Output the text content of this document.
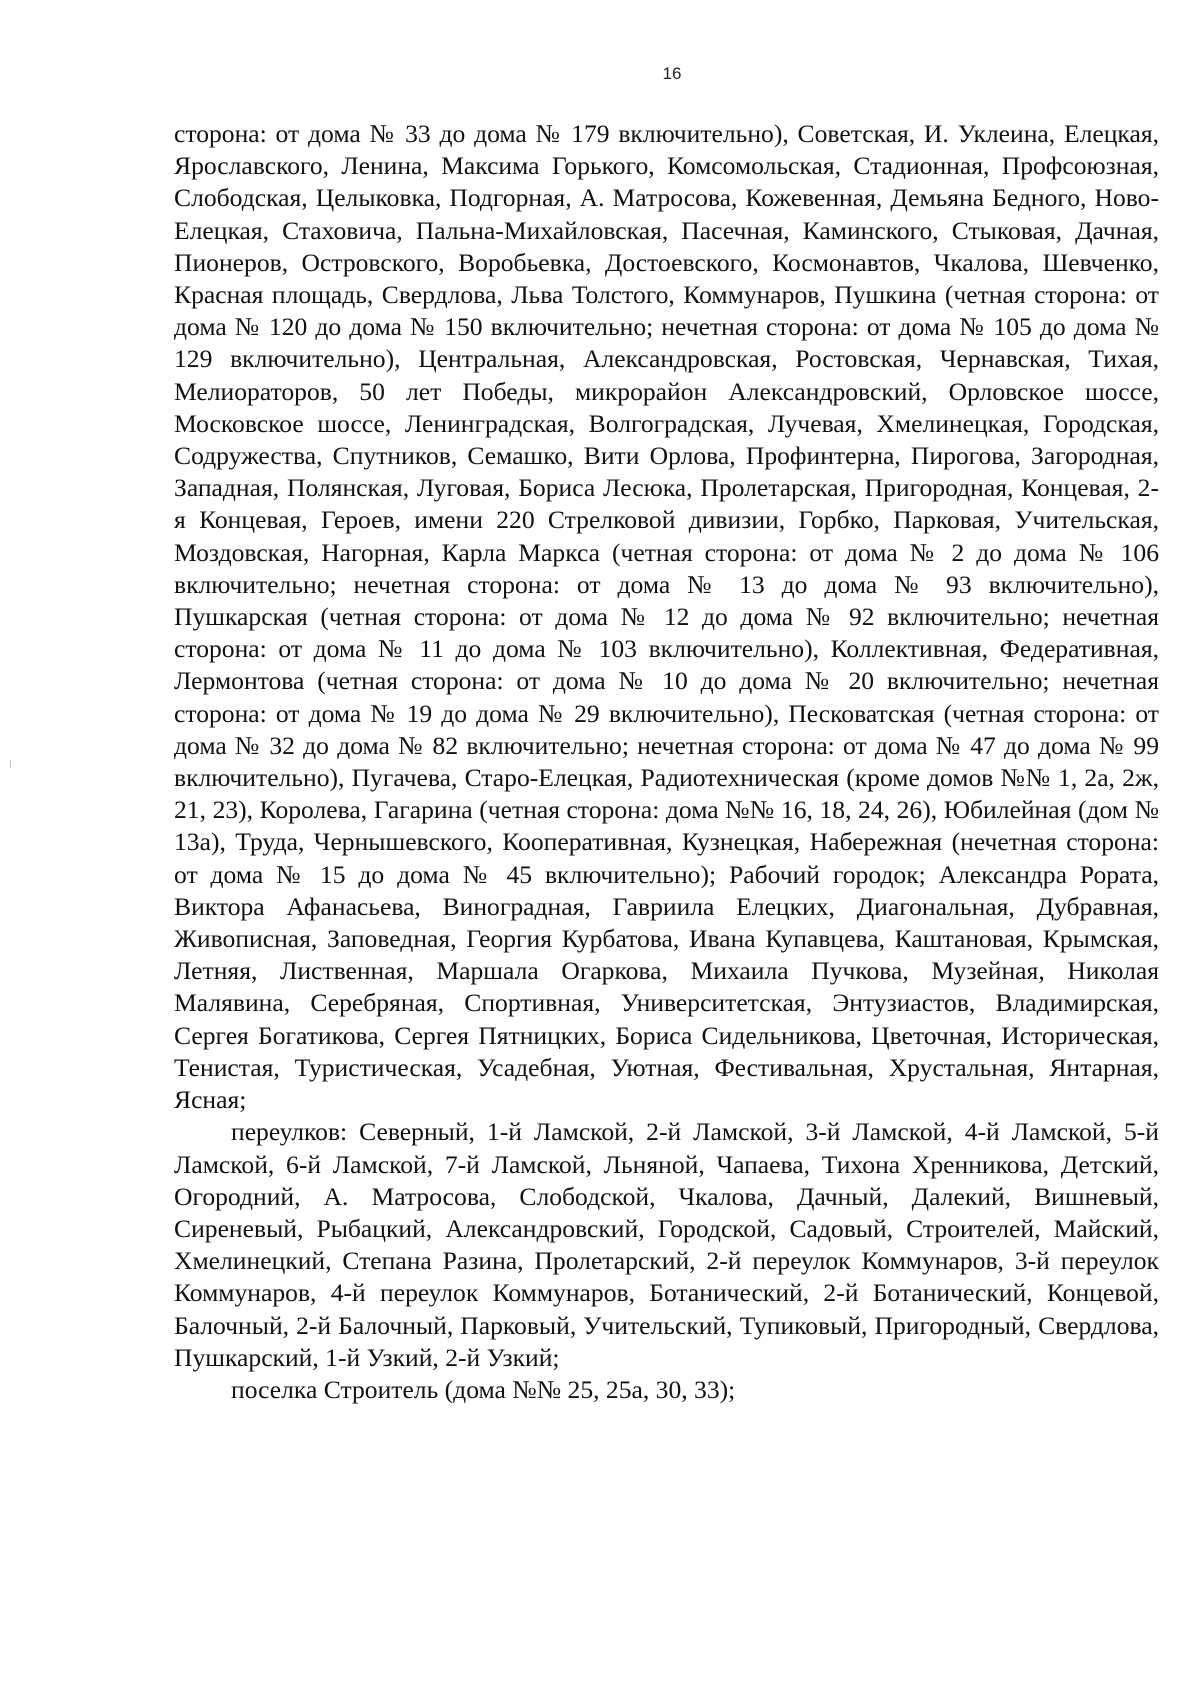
16

сторона: от дома № 33 до дома № 179 включительно), Советская, И. Уклеина, Елецкая, Ярославского, Ленина, Максима Горького, Комсомольская, Стадионная, Профсоюзная, Слободская, Целыковка, Подгорная, А. Матросова, Кожевенная, Демьяна Бедного, Ново-Елецкая, Стаховича, Пальна-Михайловская, Пасечная, Каминского, Стыковая, Дачная, Пионеров, Островского, Воробьевка, Достоевского, Космонавтов, Чкалова, Шевченко, Красная площадь, Свердлова, Льва Толстого, Коммунаров, Пушкина (четная сторона: от дома № 120 до дома № 150 включительно; нечетная сторона: от дома № 105 до дома № 129 включительно), Центральная, Александровская, Ростовская, Чернавская, Тихая, Мелиораторов, 50 лет Победы, микрорайон Александровский, Орловское шоссе, Московское шоссе, Ленинградская, Волгоградская, Лучевая, Хмелинецкая, Городская, Содружества, Спутников, Семашко, Вити Орлова, Профинтерна, Пирогова, Загородная, Западная, Полянская, Луговая, Бориса Лесюка, Пролетарская, Пригородная, Концевая, 2-я Концевая, Героев, имени 220 Стрелковой дивизии, Горбко, Парковая, Учительская, Моздовская, Нагорная, Карла Маркса (четная сторона: от дома № 2 до дома № 106 включительно; нечетная сторона: от дома № 13 до дома № 93 включительно), Пушкарская (четная сторона: от дома № 12 до дома № 92 включительно; нечетная сторона: от дома № 11 до дома № 103 включительно), Коллективная, Федеративная, Лермонтова (четная сторона: от дома № 10 до дома № 20 включительно; нечетная сторона: от дома № 19 до дома № 29 включительно), Песковатская (четная сторона: от дома № 32 до дома № 82 включительно; нечетная сторона: от дома № 47 до дома № 99 включительно), Пугачева, Старо-Елецкая, Радиотехническая (кроме домов №№ 1, 2а, 2ж, 21, 23), Королева, Гагарина (четная сторона: дома №№ 16, 18, 24, 26), Юбилейная (дом № 13а), Труда, Чернышевского, Кооперативная, Кузнецкая, Набережная (нечетная сторона: от дома № 15 до дома № 45 включительно); Рабочий городок; Александра Рората, Виктора Афанасьева, Виноградная, Гавриила Елецких, Диагональная, Дубравная, Живописная, Заповедная, Георгия Курбатова, Ивана Купавцева, Каштановая, Крымская, Летняя, Лиственная, Маршала Огаркова, Михаила Пучкова, Музейная, Николая Малявина, Серебряная, Спортивная, Университетская, Энтузиастов, Владимирская, Сергея Богатикова, Сергея Пятницких, Бориса Сидельникова, Цветочная, Историческая, Тенистая, Туристическая, Усадебная, Уютная, Фестивальная, Хрустальная, Янтарная, Ясная;

переулков: Северный, 1-й Ламской, 2-й Ламской, 3-й Ламской, 4-й Ламской, 5-й Ламской, 6-й Ламской, 7-й Ламской, Льняной, Чапаева, Тихона Хренникова, Детский, Огородний, А. Матросова, Слободской, Чкалова, Дачный, Далекий, Вишневый, Сиреневый, Рыбацкий, Александровский, Городской, Садовый, Строителей, Майский, Хмелинецкий, Степана Разина, Пролетарский, 2-й переулок Коммунаров, 3-й переулок Коммунаров, 4-й переулок Коммунаров, Ботанический, 2-й Ботанический, Концевой, Балочный, 2-й Балочный, Парковый, Учительский, Тупиковый, Пригородный, Свердлова, Пушкарский, 1-й Узкий, 2-й Узкий;

поселка Строитель (дома №№ 25, 25а, 30, 33);
